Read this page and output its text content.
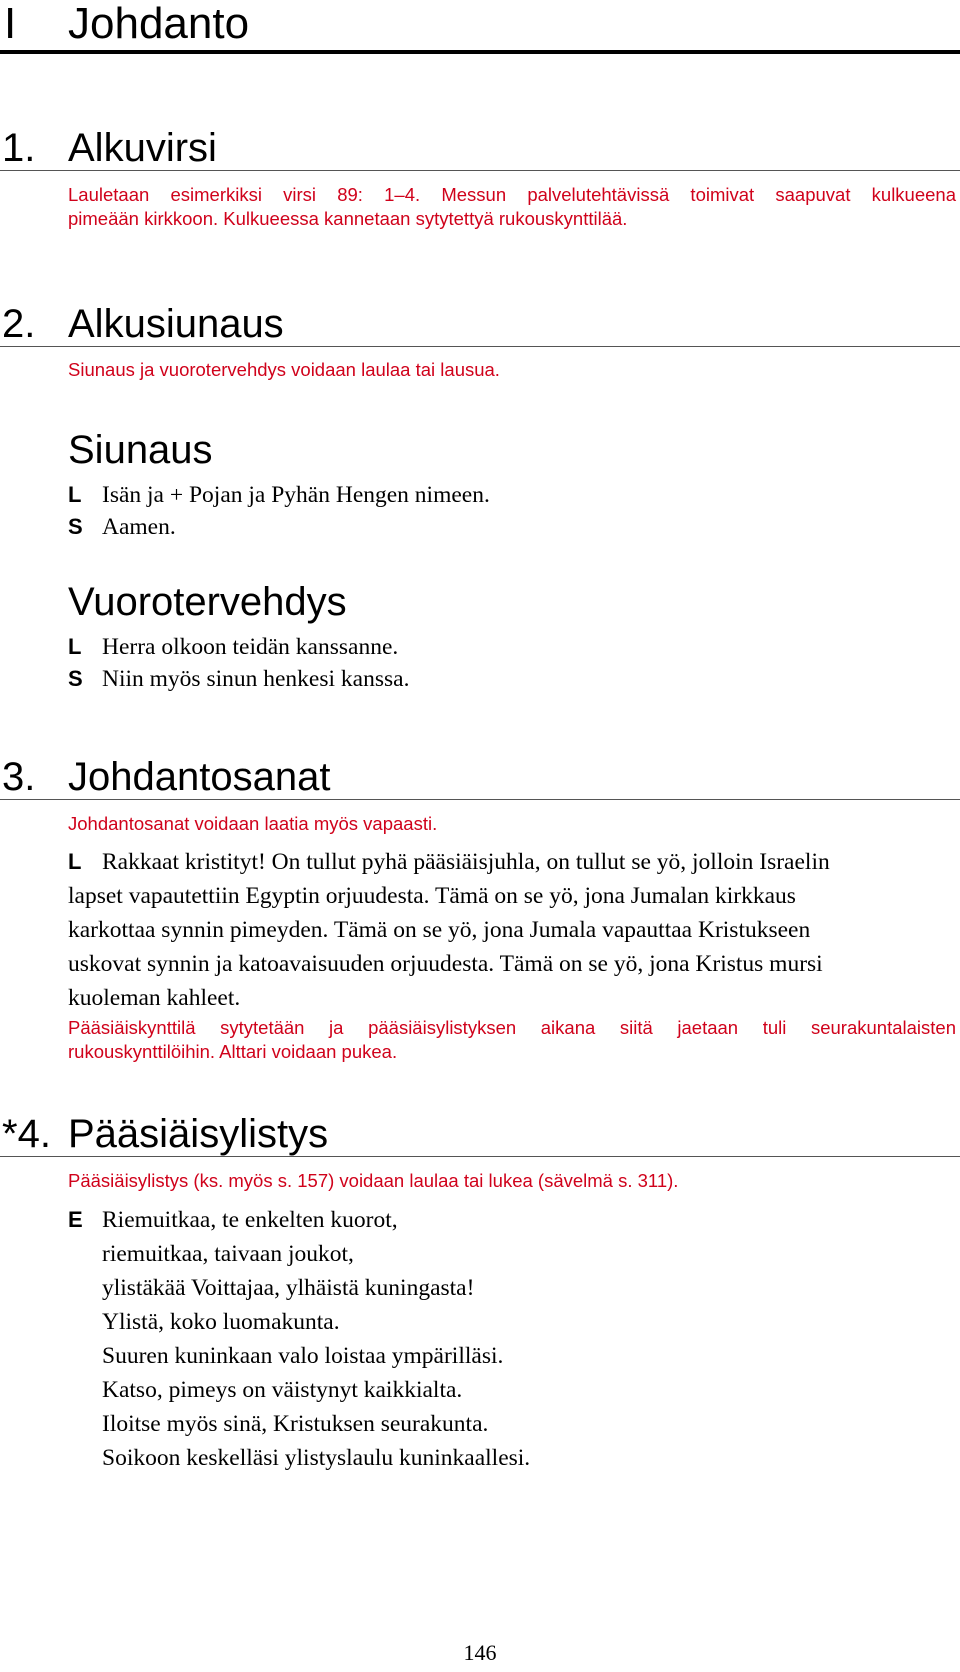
I Johdanto
1. Alkuvirsi
Lauletaan esimerkiksi virsi 89: 1–4. Messun palvelutehtävissä toimivat saapuvat kulkueena
pimeään kirkkoon. Kulkueessa kannetaan sytytettyä rukouskynttilää.
2. Alkusiunaus
Siunaus ja vuorotervehdys voidaan laulaa tai lausua.
Siunaus
L Isän ja + Pojan ja Pyhän Hengen nimeen.
S Aamen.
Vuorotervehdys
L Herra olkoon teidän kanssanne.
S Niin myös sinun henkesi kanssa.
3. Johdantosanat
Johdantosanat voidaan laatia myös vapaasti.
L Rakkaat kristityt! On tullut pyhä pääsiäisjuhla, on tullut se yö, jolloin Israelin
lapset vapautettiin Egyptin orjuudesta. Tämä on se yö, jona Jumalan kirkkaus
karkottaa synnin pimeyden. Tämä on se yö, jona Jumala vapauttaa Kristukseen
uskovat synnin ja katoavaisuuden orjuudesta. Tämä on se yö, jona Kristus mursi
kuoleman kahleet.
Pääsiäiskynttilä sytytetään ja pääsiäisylistyksen aikana siitä jaetaan tuli seurakuntalaisten
rukouskynttilöihin. Alttari voidaan pukea.
*4. Pääsiäisylistys
Pääsiäisylistys (ks. myös s. 157) voidaan laulaa tai lukea (sävelmä s. 311).
E Riemuitkaa, te enkelten kuorot,
riemuitkaa, taivaan joukot,
ylistäkää Voittajaa, ylhäistä kuningasta!
Ylistä, koko luomakunta.
Suuren kuninkaan valo loistaa ympärilläsi.
Katso, pimeys on väistynyt kaikkialta.
Iloitse myös sinä, Kristuksen seurakunta.
Soikoon keskelläsi ylistyslaulu kuninkaallesi.
146
